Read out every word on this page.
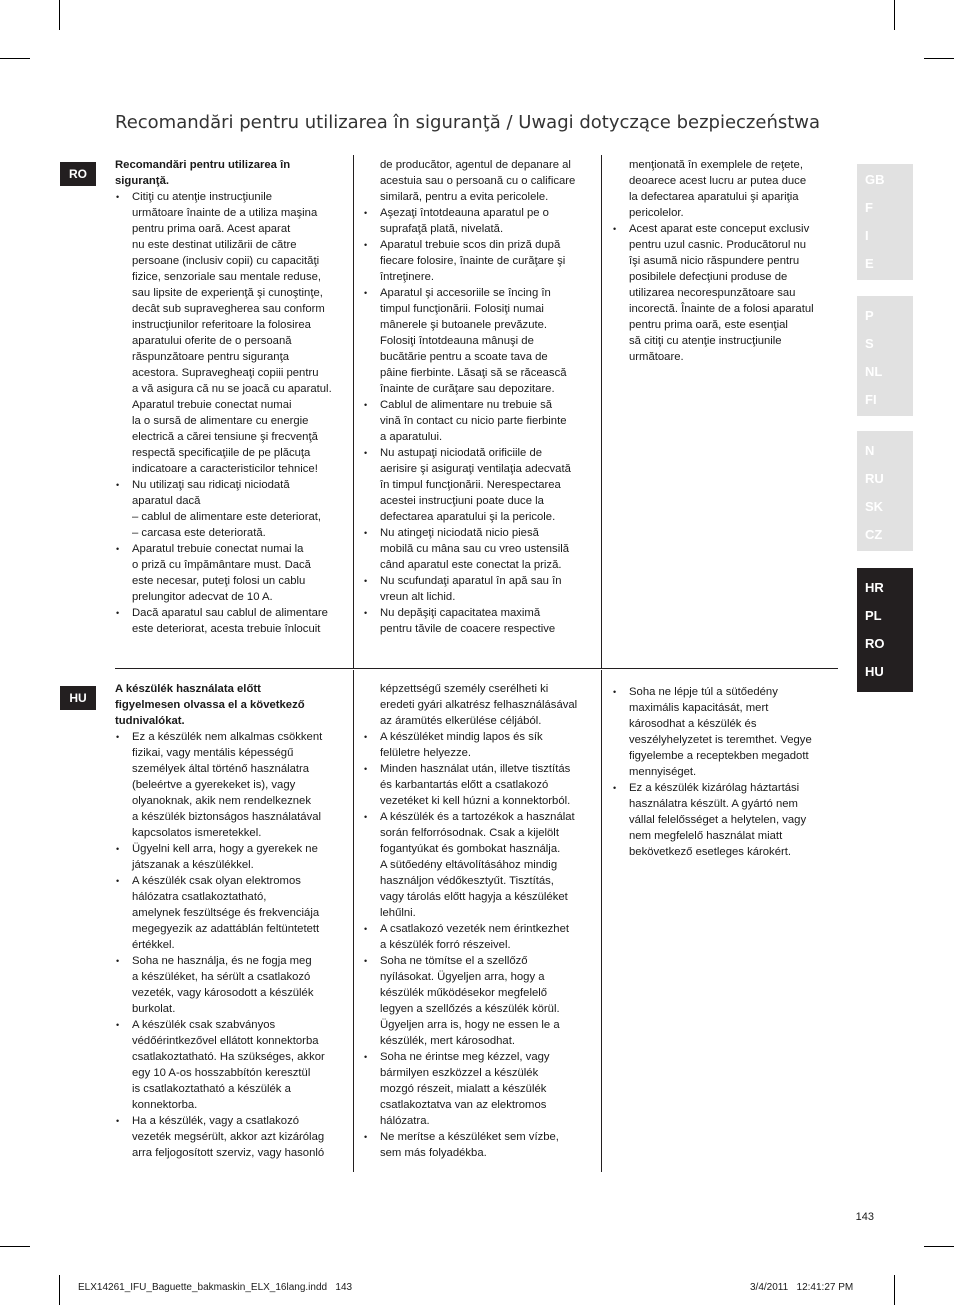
Recomandări pentru utilizarea în siguranţă / Uwagi dotyczące bezpieczeństwa
RO

Recomandări pentru utilizarea în siguranţă.

• Citiţi cu atenţie instrucţiunile
următoare înainte de a utiliza maşina
pentru prima oară. Acest aparat
nu este destinat utilizării de către
persoane (inclusiv copii) cu capacităţi
fizice, senzoriale sau mentale reduse,
sau lipsite de experienţă şi cunoştinţe,
decât sub supravegherea sau conform
instrucţiunilor referitoare la folosirea
aparatului oferite de o persoană
răspunzătoare pentru siguranţa
acestora. Supravegheaţi copiii pentru
a vă asigura că nu se joacă cu aparatul.
Aparatul trebuie conectat numai
la o sursă de alimentare cu energie
electrică a cărei tensiune şi frecvenţă
respectă specificaţiile de pe plăcuţa
indicatoare a caracteristicilor tehnice!
• Nu utilizaţi sau ridicaţi niciodată
aparatul dacă
– cablul de alimentare este deteriorat,
– carcasa este deteriorată.
• Aparatul trebuie conectat numai la
o priză cu împământare must. Dacă
este necesar, puteţi folosi un cablu
prelungitor adecvat de 10 A.
• Dacă aparatul sau cablul de alimentare
este deteriorat, acesta trebuie înlocuit

de producător, agentul de depanare al
acestuia sau o persoană cu o calificare
similară, pentru a evita pericolele.

• Aşezaţi întotdeauna aparatul pe o
suprafaţă plată, nivelată.
• Aparatul trebuie scos din priză după
fiecare folosire, înainte de curăţare şi
întreţinere.
• Aparatul şi accesoriile se încing în
timpul funcţionării. Folosiţi numai
mânerele şi butoanele prevăzute.
Folosiţi întotdeauna mânuşi de
bucătărie pentru a scoate tava de
pâine fierbinte. Lăsaţi să se răcească
înainte de curăţare sau depozitare.
• Cablul de alimentare nu trebuie să
vină în contact cu nicio parte fierbinte
a aparatului.
• Nu astupaţi niciodată orificiile de
aerisire şi asiguraţi ventilaţia adecvată
în timpul funcţionării. Nerespectarea
acestei instrucţiuni poate duce la
defectarea aparatului şi la pericole.
• Nu atingeţi niciodată nicio piesă
mobilă cu mâna sau cu vreo ustensilă
când aparatul este conectat la priză.
• Nu scufundaţi aparatul în apă sau în
vreun alt lichid.
• Nu depăşiţi capacitatea maximă
pentru tăvile de coacere respective

menţionată în exemplele de reţete,
deoarece acest lucru ar putea duce
la defectarea aparatului şi apariţia
pericolelor.

• Acest aparat este conceput exclusiv
pentru uzul casnic. Producătorul nu
îşi asumă nicio răspundere pentru
posibilele defecţiuni produse de
utilizarea necorespunzătoare sau
incorectă. Înainte de a folosi aparatul
pentru prima oară, este esenţial
să citiţi cu atenţie instrucţiunile
următoare.
HU

A készülék használata előtt
figyelmesen olvassa el a következő
tudnivalókat.

• Ez a készülék nem alkalmas csökkent
fizikai, vagy mentális képességű
személyek által történő használatra
(beleértve a gyerekeket is), vagy
olyanoknak, akik nem rendelkeznek
a készülék biztonságos használatával
kapcsolatos ismeretekkel.
• Ügyelni kell arra, hogy a gyerekek ne
játszanak a készülékkel.
• A készülék csak olyan elektromos
hálózatra csatlakoztatható,
amelynek feszültsége és frekvenciája
megegyezik az adattáblán feltüntetett
értékkel.
• Soha ne használja, és ne fogja meg
a készüléket, ha sérült a csatlakozó
vezeték, vagy károsodott a készülék
burkolat.
• A készülék csak szabványos
védőérintkezővel ellátott konnektorba
csatlakoztatható. Ha szükséges, akkor
egy 10 A-os hosszabbítón keresztül
is csatlakoztatható a készülék a
konnektorba.
• Ha a készülék, vagy a csatlakozó
vezeték megsérült, akkor azt kizárólag
arra feljogosított szerviz, vagy hasonló

képzettségű személy cserélheti ki
eredeti gyári alkatrész felhasználásával
az áramütés elkerülése céljából.

• A készüléket mindig lapos és sík
felületre helyezze.
• Minden használat után, illetve tisztítás
és karbantartás előtt a csatlakozó
vezetéket ki kell húzni a konnektorból.
• A készülék és a tartozékok a használat
során felforrósodnak. Csak a kijelölt
fogantyúkat és gombokat használja.
A sütőedény eltávolításához mindig
használjon védőkesztyűt. Tisztítás,
vagy tárolás előtt hagyja a készüléket
lehűlni.
• A csatlakozó vezeték nem érintkezhet
a készülék forró részeivel.
• Soha ne tömítse el a szellőző
nyílásokat. Ügyeljen arra, hogy a
készülék működésekor megfelelő
legyen a szellőzés a készülék körül.
Ügyeljen arra is, hogy ne essen le a
készülék, mert károsodhat.
• Soha ne érintse meg kézzel, vagy
bármilyen eszközzel a készülék
mozgó részeit, mialatt a készülék
csatlakoztatva van az elektromos
hálózatra.
• Ne merítse a készüléket sem vízbe,
sem más folyadékba.
• Soha ne lépje túl a sütőedény
maximális kapacitását, mert
károsodhat a készülék és
veszélyhelyzetet is teremthet. Vegye
figyelembe a receptekben megadott
mennyiséget.
• Ez a készülék kizárólag háztartási
használatra készült. A gyártó nem
vállal felelősséget a helytelen, vagy
nem megfelelő használat miatt
bekövetkező esetleges károkért.
GB
F
I
E
P
S
NL
FI
N
RU
SK
CZ
HR
PL
RO
HU
143
ELX14261_IFU_Baguette_bakmaskin_ELX_16lang.indd   143	3/4/2011   12:41:27 PM
